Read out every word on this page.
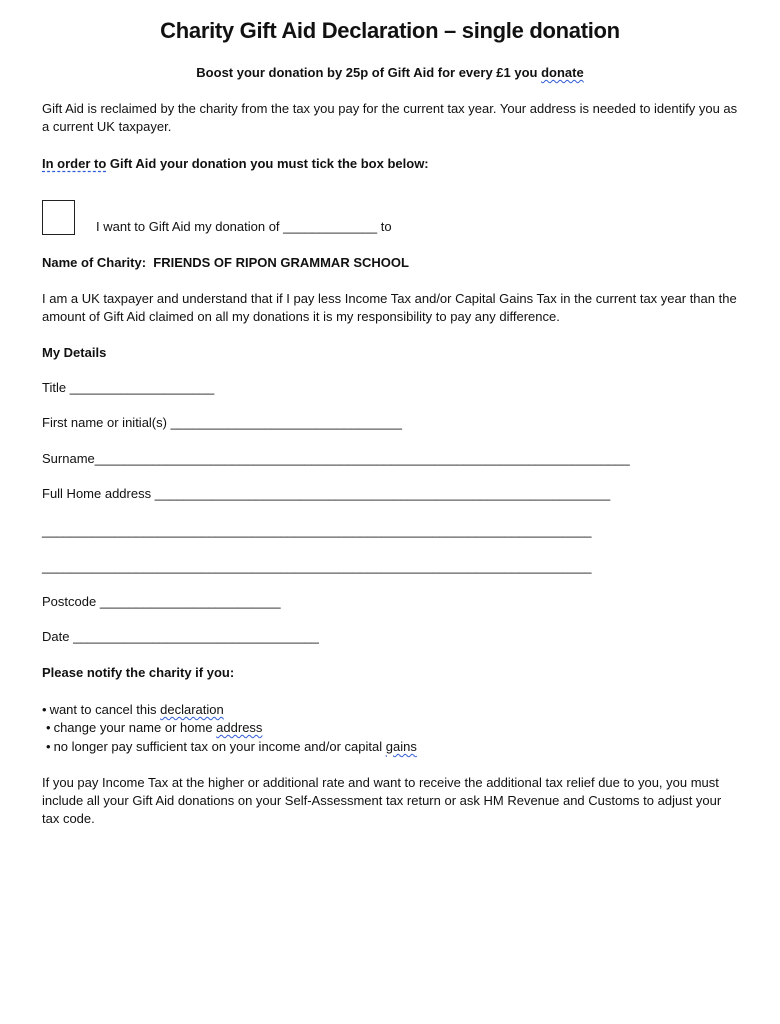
Charity Gift Aid Declaration – single donation
Boost your donation by 25p of Gift Aid for every £1 you donate
Gift Aid is reclaimed by the charity from the tax you pay for the current tax year. Your address is needed to identify you as a current UK taxpayer.
In order to Gift Aid your donation you must tick the box below:
I want to Gift Aid my donation of _____________ to
Name of Charity: FRIENDS OF RIPON GRAMMAR SCHOOL
I am a UK taxpayer and understand that if I pay less Income Tax and/or Capital Gains Tax in the current tax year than the amount of Gift Aid claimed on all my donations it is my responsibility to pay any difference.
My Details
Title ____________________
First name or initial(s) ________________________________
Surname__________________________________________________________________________
Full Home address _______________________________________________________________
____________________________________________________________________________
____________________________________________________________________________
Postcode _________________________
Date __________________________________
Please notify the charity if you:
• want to cancel this declaration
• change your name or home address
• no longer pay sufficient tax on your income and/or capital gains
If you pay Income Tax at the higher or additional rate and want to receive the additional tax relief due to you, you must include all your Gift Aid donations on your Self-Assessment tax return or ask HM Revenue and Customs to adjust your tax code.
